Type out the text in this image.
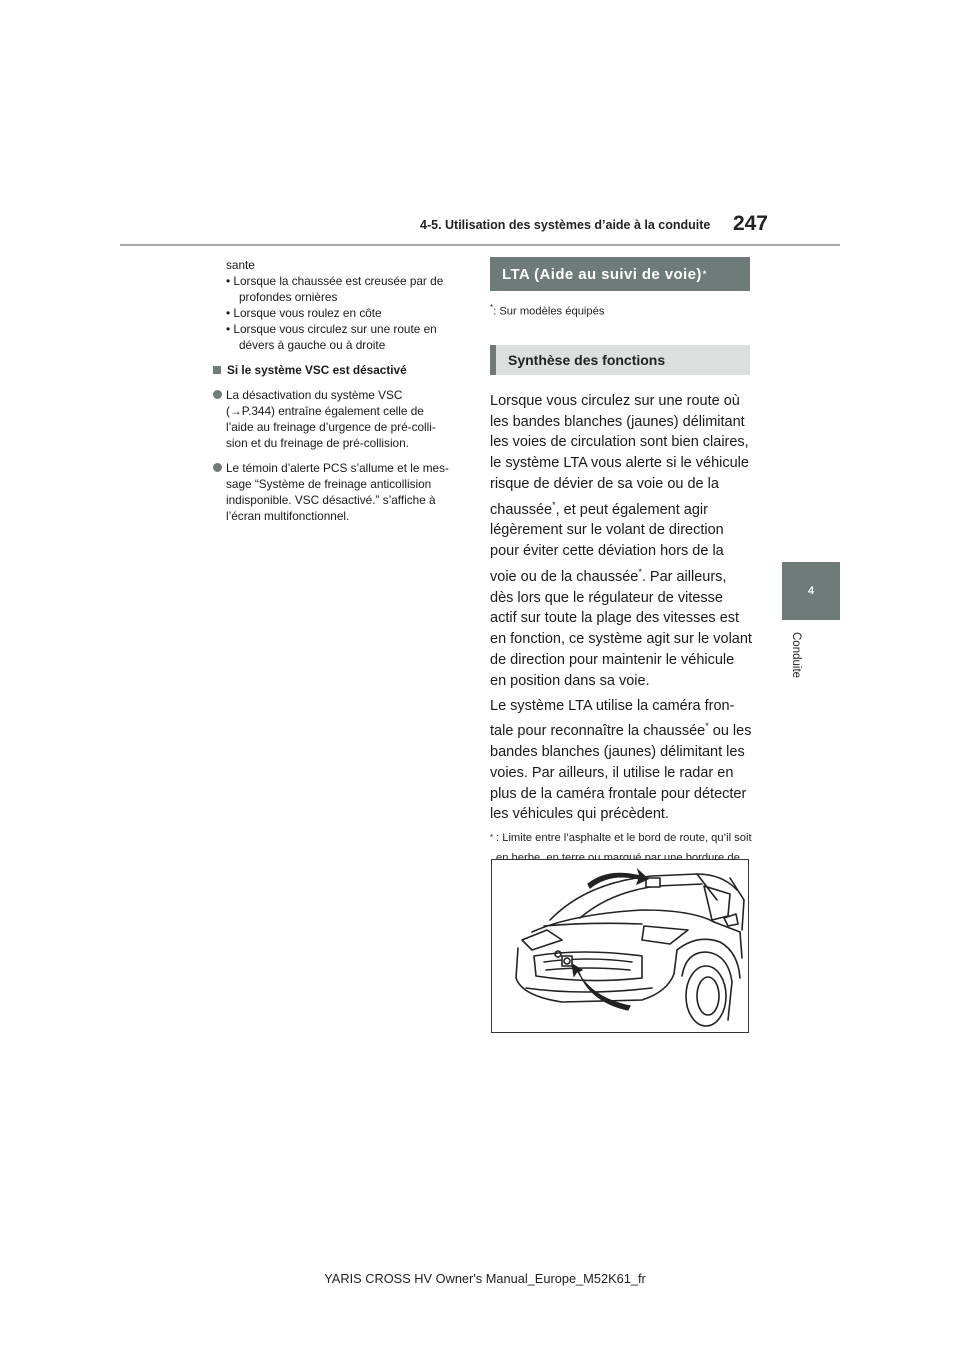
4-5. Utilisation des systèmes d’aide à la conduite	247
4
Conduite
sante
• Lorsque la chaussée est creusée par de
profondes ornières
• Lorsque vous roulez en côte
• Lorsque vous circulez sur une route en
dévers à gauche ou à droite
Si le système VSC est désactivé
La désactivation du système VSC
(→P.344) entraîne également celle de
l’aide au freinage d’urgence de pré-colli-
sion et du freinage de pré-collision.
Le témoin d’alerte PCS s’allume et le mes-
sage “Système de freinage anticollision
indisponible. VSC désactivé.” s’affiche à
l’écran multifonctionnel.
LTA (Aide au suivi de voie) *
*: Sur modèles équipés
Synthèse des fonctions

Lorsque vous circulez sur une route où les bandes blanches (jaunes) délimitant les voies de circulation sont bien claires, le système LTA vous alerte si le véhicule risque de dévier de sa voie ou de la chaussée*, et peut également agir légèrement sur le volant de direction pour éviter cette déviation hors de la voie ou de la chaussée*. Par ailleurs, dès lors que le régulateur de vitesse actif sur toute la plage des vitesses est en fonction, ce système agit sur le volant de direction pour maintenir le véhicule en position dans sa voie.

Le système LTA utilise la caméra fron-tale pour reconnaître la chaussée* ou les bandes blanches (jaunes) délimitant les voies. Par ailleurs, il utilise le radar en plus de la caméra frontale pour détecter les véhicules qui précèdent.

* : Limite entre l’asphalte et le bord de route, qu’il soit
YARIS CROSS HV Owner's Manual_Europe_M52K61_fr
